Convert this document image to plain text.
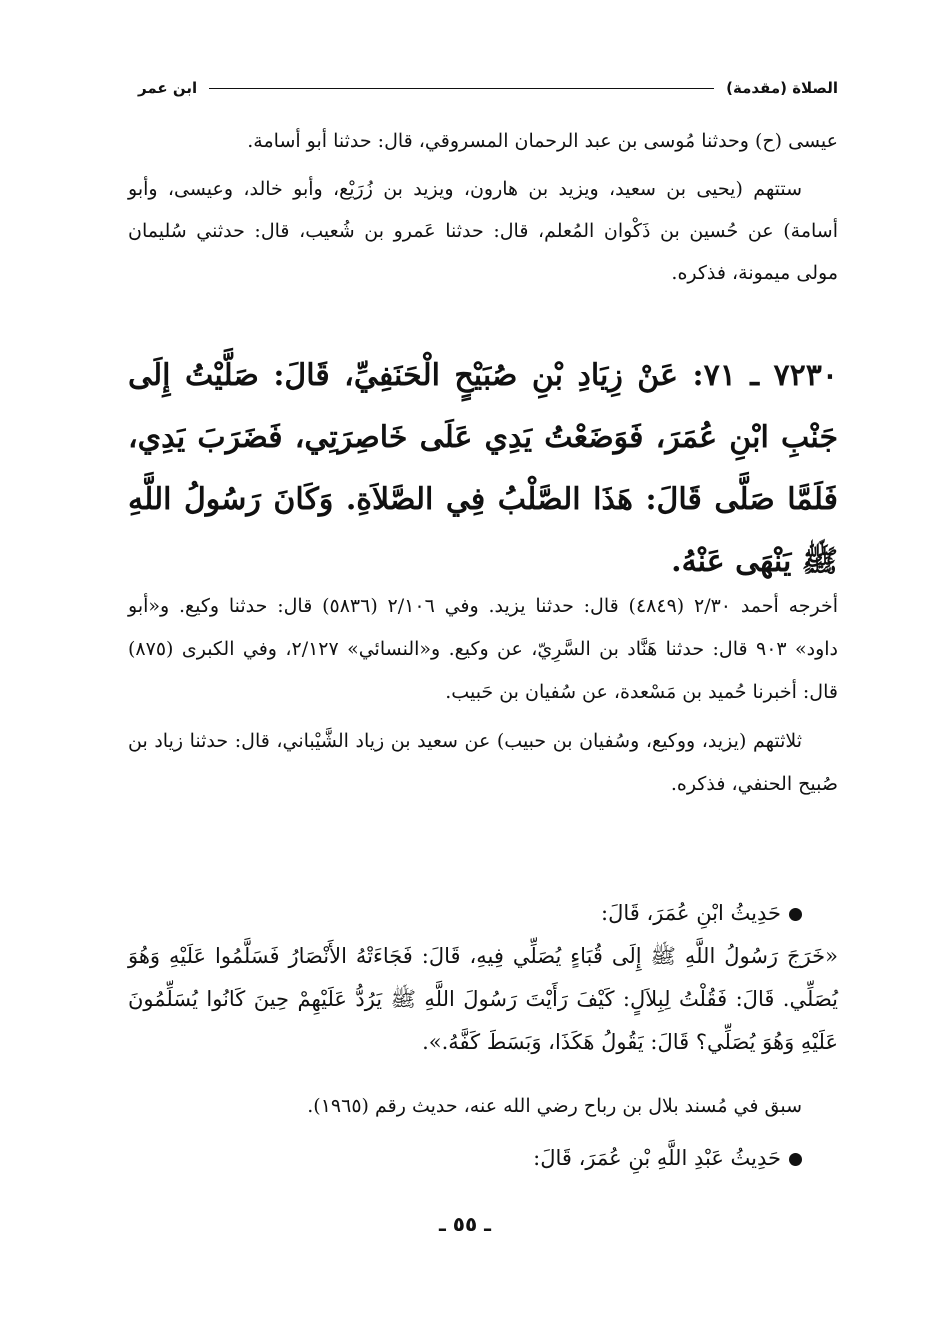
الصلاة (مقدمة)
ابن عمر

عيسى (ح) وحدثنا مُوسى بن عبد الرحمان المسروقي، قال: حدثنا أبو أسامة.

ستتهم (يحيى بن سعيد، ويزيد بن هارون، ويزيد بن زُرَيْع، وأبو خالد، وعيسى، وأبو أسامة) عن حُسين بن ذَكْوان المُعلم، قال: حدثنا عَمرو بن شُعيب، قال: حدثني سُليمان مولى ميمونة، فذكره.

٧٢٣٠ ـ ٧١: عَنْ زِيَادِ بْنِ صُبَيْحٍ الْحَنَفِيِّ، قَالَ: صَلَّيْتُ إِلَى جَنْبِ ابْنِ عُمَرَ، فَوَضَعْتُ يَدِي عَلَى خَاصِرَتِي، فَضَرَبَ يَدِي، فَلَمَّا صَلَّى قَالَ: هَذَا الصَّلْبُ فِي الصَّلاَةِ. وَكَانَ رَسُولُ اللَّهِ ﷺ يَنْهَى عَنْهُ.

أخرجه أحمد ٢/٣٠ (٤٨٤٩) قال: حدثنا يزيد. وفي ٢/١٠٦ (٥٨٣٦) قال: حدثنا وكيع. و«أبو داود» ٩٠٣ قال: حدثنا هَنَّاد بن السَّرِيّ، عن وكيع. و«النسائي» ٢/١٢٧، وفي الكبرى (٨٧٥) قال: أخبرنا حُميد بن مَسْعدة، عن سُفيان بن حَبيب.

ثلاثتهم (يزيد، ووكيع، وسُفيان بن حبيب) عن سعيد بن زياد الشَّيْباني، قال: حدثنا زياد بن صُبيح الحنفي، فذكره.

حَدِيثُ ابْنِ عُمَرَ، قَالَ:

«خَرَجَ رَسُولُ اللَّهِ ﷺ إِلَى قُبَاءٍ يُصَلِّي فِيهِ، قَالَ: فَجَاءَتْهُ الأَنْصَارُ فَسَلَّمُوا عَلَيْهِ وَهُوَ يُصَلِّي. قَالَ: فَقُلْتُ لِبِلاَلٍ: كَيْفَ رَأَيْتَ رَسُولَ اللَّهِ ﷺ يَرُدُّ عَلَيْهِمْ حِينَ كَانُوا يُسَلِّمُونَ عَلَيْهِ وَهُوَ يُصَلِّي؟ قَالَ: يَقُولُ هَكَذَا، وَبَسَطَ كَفَّهُ.».

سبق في مُسند بلال بن رباح رضي الله عنه، حديث رقم (١٩٦٥).

حَدِيثُ عَبْدِ اللَّهِ بْنِ عُمَرَ، قَالَ:

ـ ٥٥ ـ
